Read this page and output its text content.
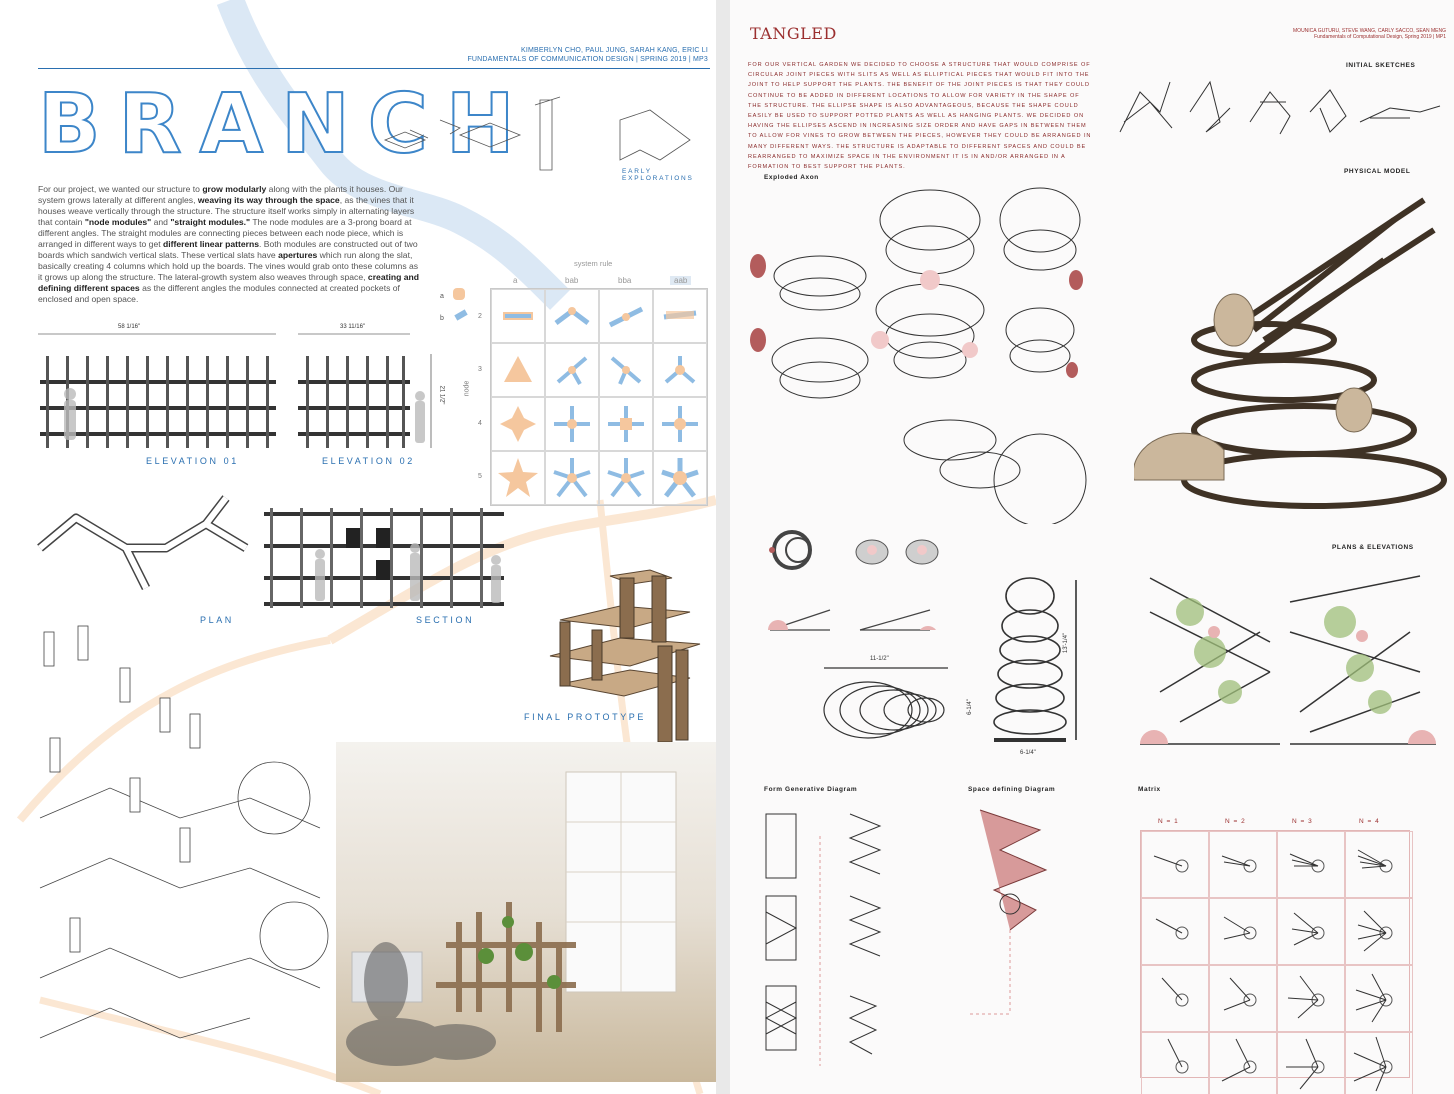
KIMBERLYN CHO, PAUL JUNG, SARAH KANG, ERIC LI
FUNDAMENTALS OF COMMUNICATION DESIGN | SPRING 2019 | MP3
BRANCH	EARLY EXPLORATIONS
For our project, we wanted our structure to grow modularly along with the plants it houses. Our system grows laterally at different angles, weaving its way through the space, as the vines that it houses weave vertically through the structure. The structure itself works simply in alternating layers that contain "node modules" and "straight modules." The node modules are a 3-prong board at different angles. The straight modules are connecting pieces between each node piece, which is arranged in different ways to get different linear patterns. Both modules are constructed out of two boards which sandwich vertical slats. These vertical slats have apertures which run along the slat, basically creating 4 columns which hold up the boards. The vines would grab onto these columns as it grows up along the structure. The lateral-growth system also weaves through space, creating and defining different spaces as the different angles the modules connected at created pockets of enclosed and open space.
system rule
a	bab	bba	aab
a
b
node
2
3
4
5
58 1/16"	33 11/16"
21 1/2"
ELEVATION 01	ELEVATION 02
PLAN	SECTION
FINAL PROTOTYPE
TANGLED	MOUNICA GUTURU, STEVE WANG, CARLY SACCO, SEAN MENG
Fundamentals of Computational Design, Spring 2019 | MP1
FOR OUR VERTICAL GARDEN WE DECIDED TO CHOOSE A STRUCTURE THAT WOULD COMPRISE OF CIRCULAR JOINT PIECES WITH SLITS AS WELL AS ELLIPTICAL PIECES THAT WOULD FIT INTO THE JOINT TO HELP SUPPORT THE PLANTS. THE BENEFIT OF THE JOINT PIECES IS THAT THEY COULD CONTINUE TO BE ADDED IN DIFFERENT LOCATIONS TO ALLOW FOR VARIETY IN THE SHAPE OF THE STRUCTURE. THE ELLIPSE SHAPE IS ALSO ADVANTAGEOUS, BECAUSE THE SHAPE COULD EASILY BE USED TO SUPPORT POTTED PLANTS AS WELL AS HANGING PLANTS. WE DECIDED ON HAVING THE ELLIPSES ASCEND IN INCREASING SIZE ORDER AND HAVE GAPS IN BETWEEN THEM TO ALLOW FOR VINES TO GROW BETWEEN THE PIECES, HOWEVER THEY COULD BE ARRANGED IN MANY DIFFERENT WAYS. THE STRUCTURE IS ADAPTABLE TO DIFFERENT SPACES AND COULD BE REARRANGED TO MAXIMIZE SPACE IN THE ENVIRONMENT IT IS IN AND/OR ARRANGED IN A FORMATION TO BEST SUPPORT THE PLANTS.
INITIAL SKETCHES
Exploded Axon
PHYSICAL MODEL
11-1/2"
6-1/4"
13'-1/4"
6-1/4"
PLANS & ELEVATIONS
Form Generative Diagram	Space defining Diagram	Matrix
N = 1	N = 2	N = 3	N = 4
